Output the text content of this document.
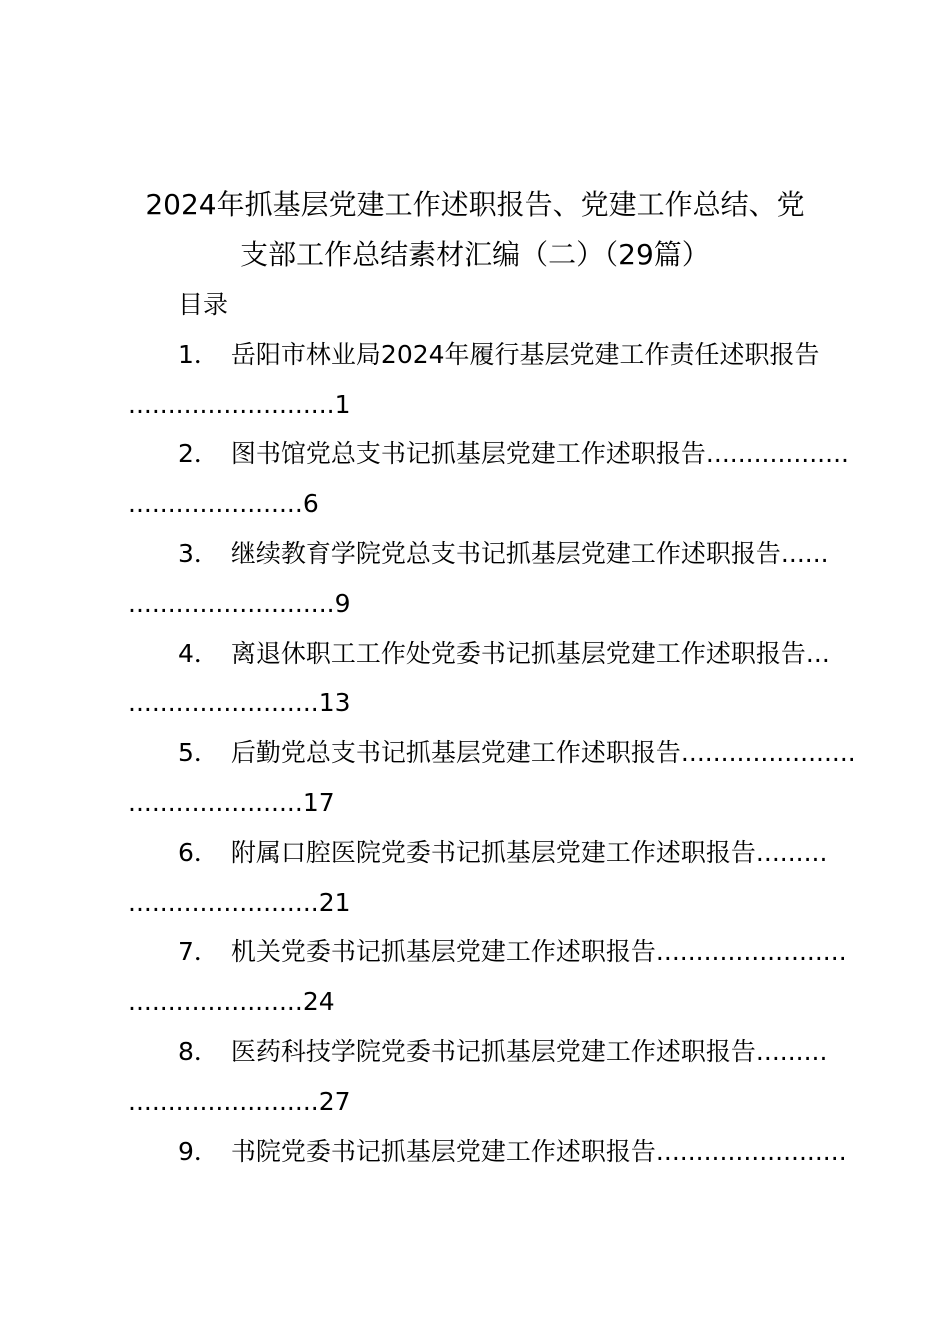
2024年抓基层党建工作述职报告、党建工作总结、党
支部工作总结素材汇编（二）（29篇）
目录
1． 岳阳市林业局2024年履行基层党建工作责任述职报告
..........................1
2． 图书馆党总支书记抓基层党建工作述职报告..................
......................6
3． 继续教育学院党总支书记抓基层党建工作述职报告......
..........................9
4． 离退休职工工作处党委书记抓基层党建工作述职报告...
........................13
5． 后勤党总支书记抓基层党建工作述职报告......................
......................17
6． 附属口腔医院党委书记抓基层党建工作述职报告.........
........................21
7． 机关党委书记抓基层党建工作述职报告........................
......................24
8． 医药科技学院党委书记抓基层党建工作述职报告.........
........................27
9． 书院党委书记抓基层党建工作述职报告........................
